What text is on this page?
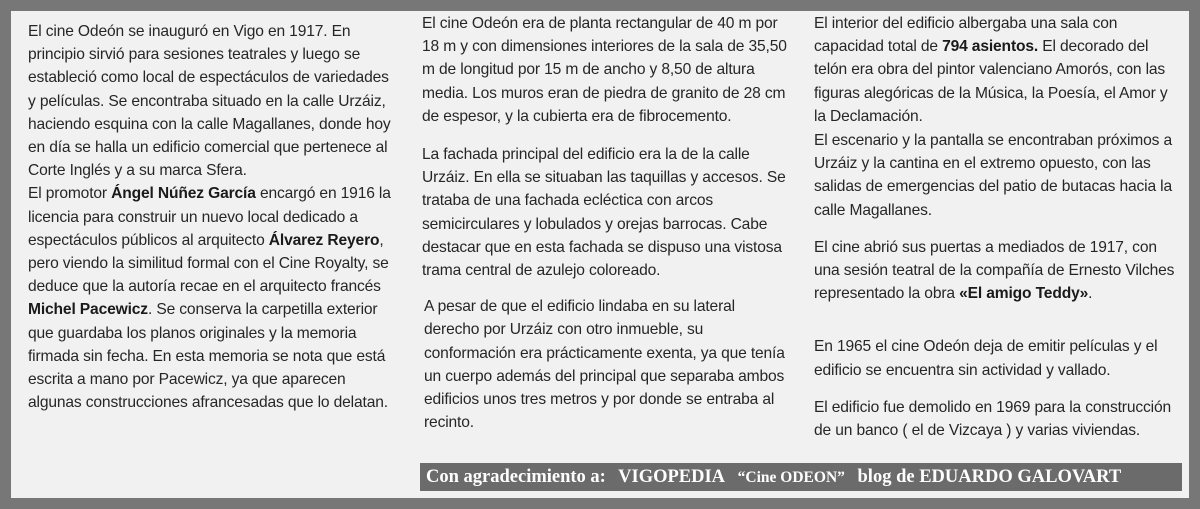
El cine Odeón se inauguró en Vigo en 1917. En principio sirvió para sesiones teatrales y luego se estableció como local de espectáculos de variedades y películas. Se encontraba situado en la calle Urzáiz, haciendo esquina con la calle Magallanes, donde hoy en día se halla un edificio comercial que pertenece al Corte Inglés y a su marca Sfera.

El promotor Ángel Núñez García encargó en 1916 la licencia para construir un nuevo local dedicado a espectáculos públicos al arquitecto Álvarez Reyero, pero viendo la similitud formal con el Cine Royalty, se deduce que la autoría recae en el arquitecto francés Michel Pacewicz. Se conserva la carpetilla exterior que guardaba los planos originales y la memoria firmada sin fecha. En esta memoria se nota que está escrita a mano por Pacewicz, ya que aparecen algunas construcciones afrancesadas que lo delatan.

El cine Odeón era de planta rectangular de 40 m por 18 m y con dimensiones interiores de la sala de 35,50 m de longitud por 15 m de ancho y 8,50 de altura media. Los muros eran de piedra de granito de 28 cm de espesor, y la cubierta era de fibrocemento.

La fachada principal del edificio era la de la calle Urzáiz. En ella se situaban las taquillas y accesos. Se trataba de una fachada ecléctica con arcos semicirculares y lobulados y orejas barrocas. Cabe destacar que en esta fachada se dispuso una vistosa trama central de azulejo coloreado.

A pesar de que el edificio lindaba en su lateral derecho por Urzáiz con otro inmueble, su conformación era prácticamente exenta, ya que tenía un cuerpo además del principal que separaba ambos edificios unos tres metros y por donde se entraba al recinto.

El interior del edificio albergaba una sala con capacidad total de 794 asientos. El decorado del telón era obra del pintor valenciano Amorós, con las figuras alegóricas de la Música, la Poesía, el Amor y la Declamación.

El escenario y la pantalla se encontraban próximos a Urzáiz y la cantina en el extremo opuesto, con las salidas de emergencias del patio de butacas hacia la calle Magallanes.

El cine abrió sus puertas a mediados de 1917, con una sesión teatral de la compañía de Ernesto Vilches representado la obra «El amigo Teddy».

En 1965 el cine Odeón deja de emitir películas y el edificio se encuentra sin actividad y vallado.

El edificio fue demolido en 1969 para la construcción de un banco ( el de Vizcaya ) y varias viviendas.

Con agradecimiento a: VIGOPEDIA “Cine ODEON” blog de EDUARDO GALOVART
